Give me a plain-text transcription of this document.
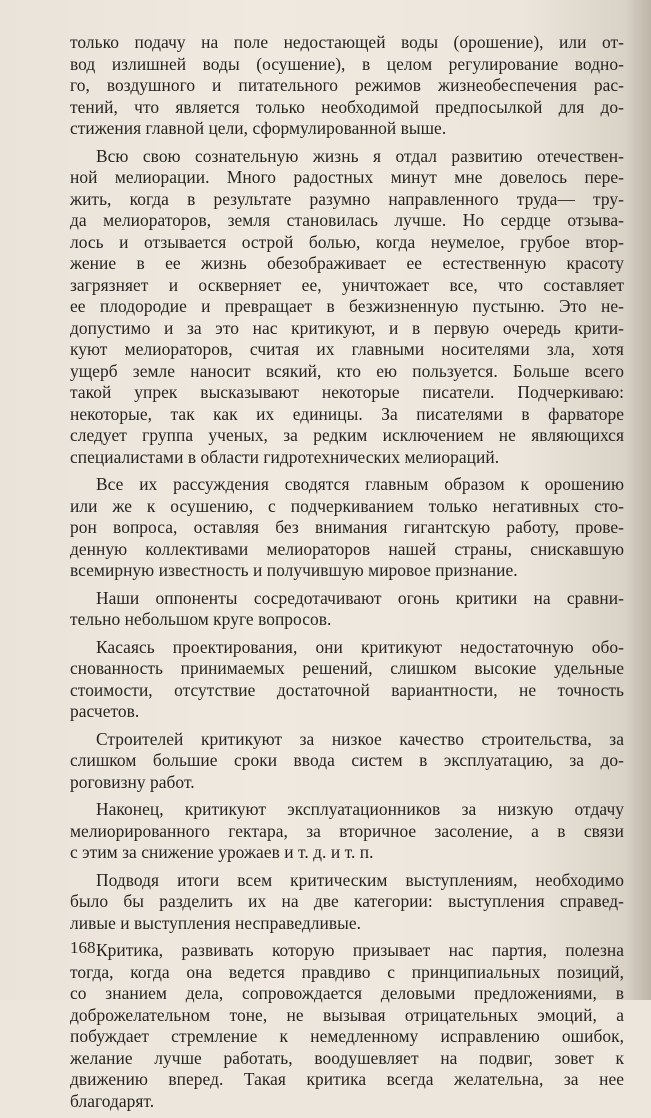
только подачу на поле недостающей воды (орошение), или от-
вод излишней воды (осушение), в целом регулирование водно-
го, воздушного и питательного режимов жизнеобеспечения рас-
тений, что является только необходимой предпосылкой для до-
стижения главной цели, сформулированной выше.

Всю свою сознательную жизнь я отдал развитию отечествен-
ной мелиорации. Много радостных минут мне довелось пере-
жить, когда в результате разумно направленного труда— тру-
да мелиораторов, земля становилась лучше. Но сердце отзыва-
лось и отзывается острой болью, когда неумелое, грубое втор-
жение в ее жизнь обезображивает ее естественную красоту
загрязняет и оскверняет ее, уничтожает все, что составляет
ее плодородие и превращает в безжизненную пустыню. Это не-
допустимо и за это нас критикуют, и в первую очередь крити-
куют мелиораторов, считая их главными носителями зла, хотя
ущерб земле наносит всякий, кто ею пользуется. Больше всего
такой упрек высказывают некоторые писатели. Подчеркиваю:
некоторые, так как их единицы. За писателями в фарваторе
следует группа ученых, за редким исключением не являющихся
специалистами в области гидротехнических мелиораций.

Все их рассуждения сводятся главным образом к орошению
или же к осушению, с подчеркиванием только негативных сто-
рон вопроса, оставляя без внимания гигантскую работу, прове-
денную коллективами мелиораторов нашей страны, снискавшую
всемирную известность и получившую мировое признание.

Наши оппоненты сосредотачивают огонь критики на сравни-
тельно небольшом круге вопросов.

Касаясь проектирования, они критикуют недостаточную обо-
снованность принимаемых решений, слишком высокие удельные
стоимости, отсутствие достаточной вариантности, не точность
расчетов.

Строителей критикуют за низкое качество строительства, за
слишком большие сроки ввода систем в эксплуатацию, за до-
роговизну работ.

Наконец, критикуют эксплуатационников за низкую отдачу
мелиорированного гектара, за вторичное засоление, а в связи
с этим за снижение урожаев и т. д. и т. п.

Подводя итоги всем критическим выступлениям, необходимо
было бы разделить их на две категории: выступления справед-
ливые и выступления несправедливые.

Критика, развивать которую призывает нас партия, полезна
тогда, когда она ведется правдиво с принципиальных позиций,
со знанием дела, сопровождается деловыми предложениями, в
доброжелательном тоне, не вызывая отрицательных эмоций, а
побуждает стремление к немедленному исправлению ошибок,
желание лучше работать, воодушевляет на подвиг, зовет к
движению вперед. Такая критика всегда желательна, за нее
благодарят.

168
